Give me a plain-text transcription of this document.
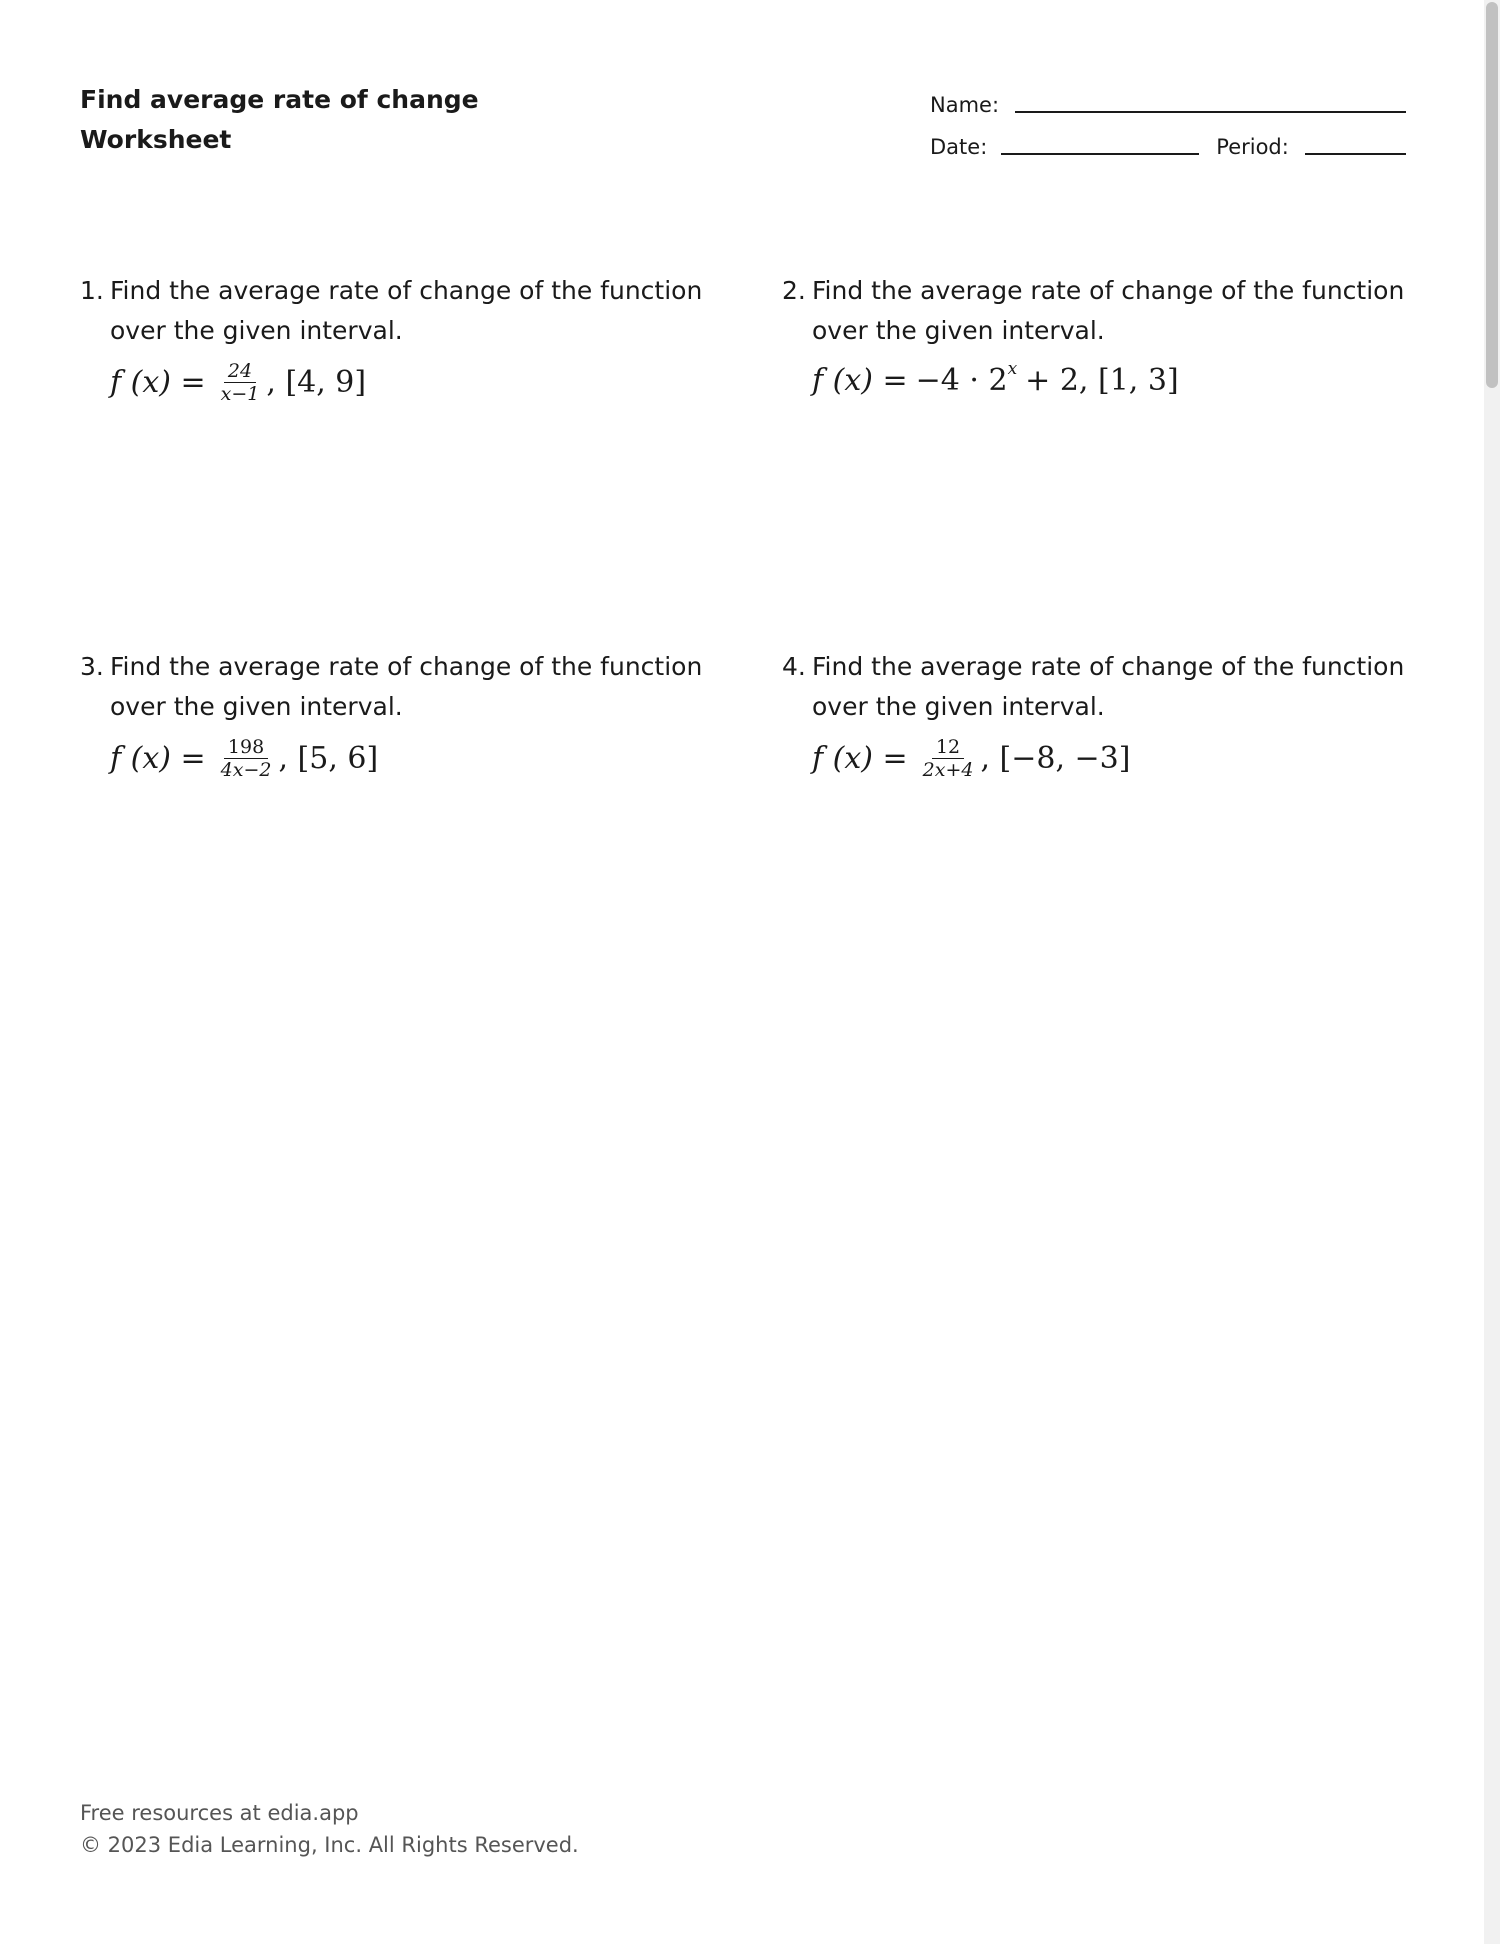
Find average rate of change
Worksheet
Name:
Date:	Period:
1. Find the average rate of change of the function over the given interval.
f $(x) = \frac{24}{x-1}$ , [4, 9]
2. Find the average rate of change of the function over the given interval.
f (x) = −4 · 2 x + 2 , [1, 3]
3. Find the average rate of change of the function over the given interval.
f $(x) = \frac{198}{4x-2}$ , [5, 6]
4. Find the average rate of change of the function over the given interval.
f $(x) = \frac{12}{2x+4}$ , [−8, −3]
Free resources at edia.app
© 2023 Edia Learning, Inc. All Rights Reserved.
